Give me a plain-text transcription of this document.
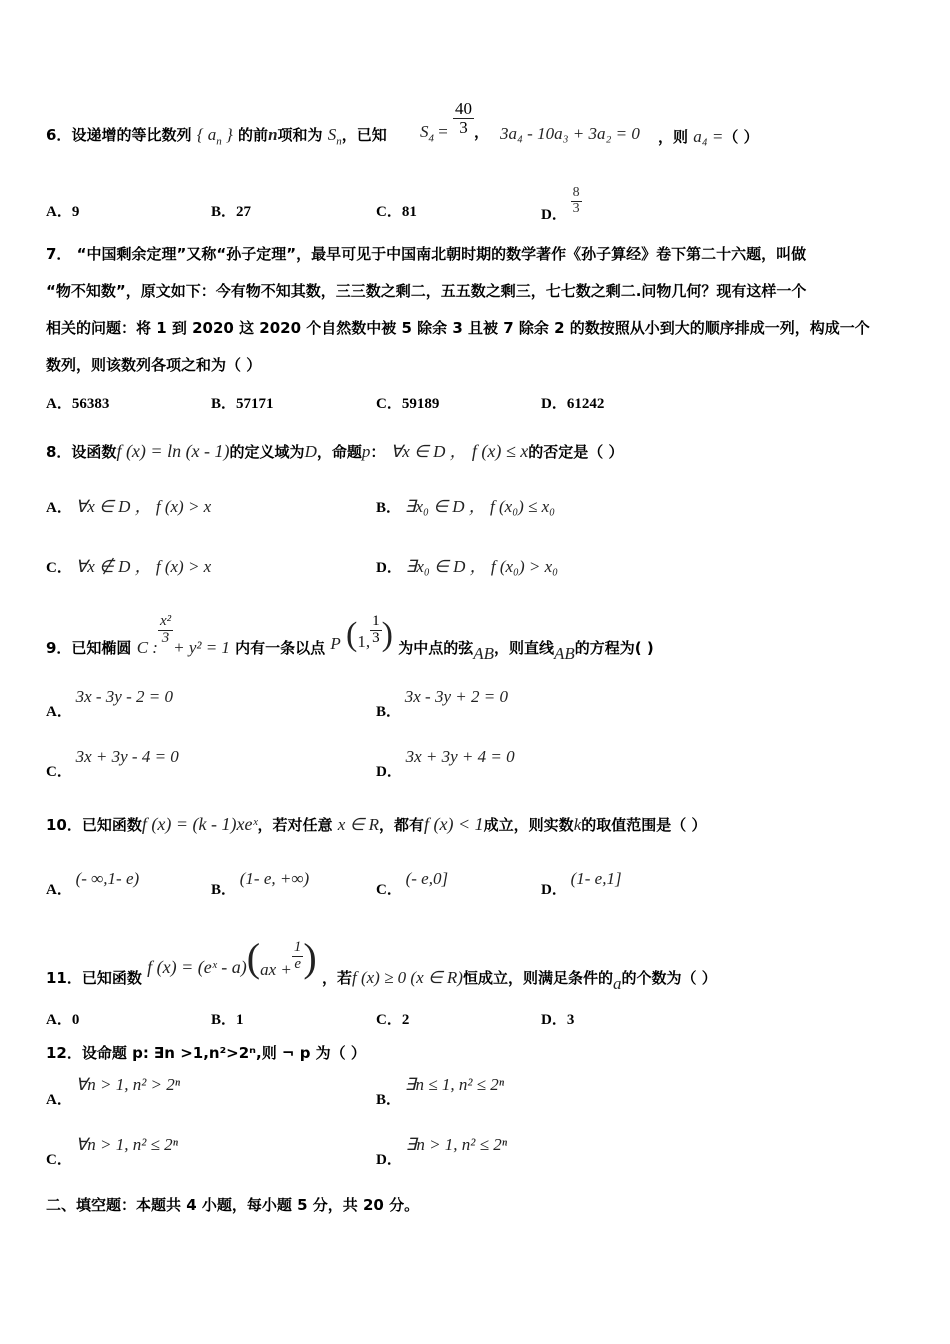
6．设递增的等比数列 { $a_n$ } 的前n项和为 $S_n$，已知 $S_4 = \frac{40}{3}$ ， 3a₄ - 10a₃ + 3a₂ = 0 ，则 a₄ =（ ）
A．9	B．27	C．81	D． $\frac{8}{3}$
7． “中国剩余定理”又称“孙子定理”，最早可见于中国南北朝时期的数学著作《孙子算经》卷下第二十六题，叫做
“物不知数”，原文如下：今有物不知其数，三三数之剩二，五五数之剩三，七七数之剩二.问物几何？现有这样一个
相关的问题：将 1 到 2020 这 2020 个自然数中被 5 除余 3 且被 7 除余 2 的数按照从小到大的顺序排成一列，构成一个
数列，则该数列各项之和为（ ）
A．56383	B．57171	C．59189	D．61242
8．设函数f (x) = ln (x - 1)的定义域为D，命题p： ∀x ∈ D ， f (x) ≤ x的否定是（ ）
A． ∀x ∈ D ， f (x) > x	B． ∃x₀ ∈ D ， f (x₀) ≤ x₀
C． ∀x ∉ D ， f (x) > x	D． ∃x₀ ∈ D ， f (x₀) > x₀
9．已知椭圆 C :
$\frac{\text{x²}}{3}$
+ y² = 1 内有一条以点 P (1, $\frac{1}{3}$ ) 为中点的弦AB，则直线AB的方程为( )
A． 3x - 3y - 2 = 0
B． 3x - 3y + 2 = 0
C． 3x + 3y - 4 = 0
D． 3x + 3y + 4 = 0
10．已知函数f (x) = (k - 1)xeˣ，若对任意 x ∈ R，都有f (x) < 1成立，则实数k的取值范围是（ ）
A． (- ∞,1- e)
B． (1- e, +∞)
C． (- e,0]
D． (1- e,1]
11．已知函数 f (x) = (eˣ - $a)(ax + \frac{1}{e}$ ) ，若f (x) ≥ 0 (x ∈ R)恒成立，则满足条件的a的个数为（ ）
A．0	B．1	C．2	D．3
12．设命题 p: ∃n >1,n²>2ⁿ,则 ¬ p 为（ ）
A． ∀n > 1, n² > 2ⁿ
B． ∃n ≤ 1, n² ≤ 2ⁿ
C． ∀n > 1, n² ≤ 2ⁿ
D． ∃n > 1, n² ≤ 2ⁿ
二、填空题：本题共 4 小题，每小题 5 分，共 20 分。
